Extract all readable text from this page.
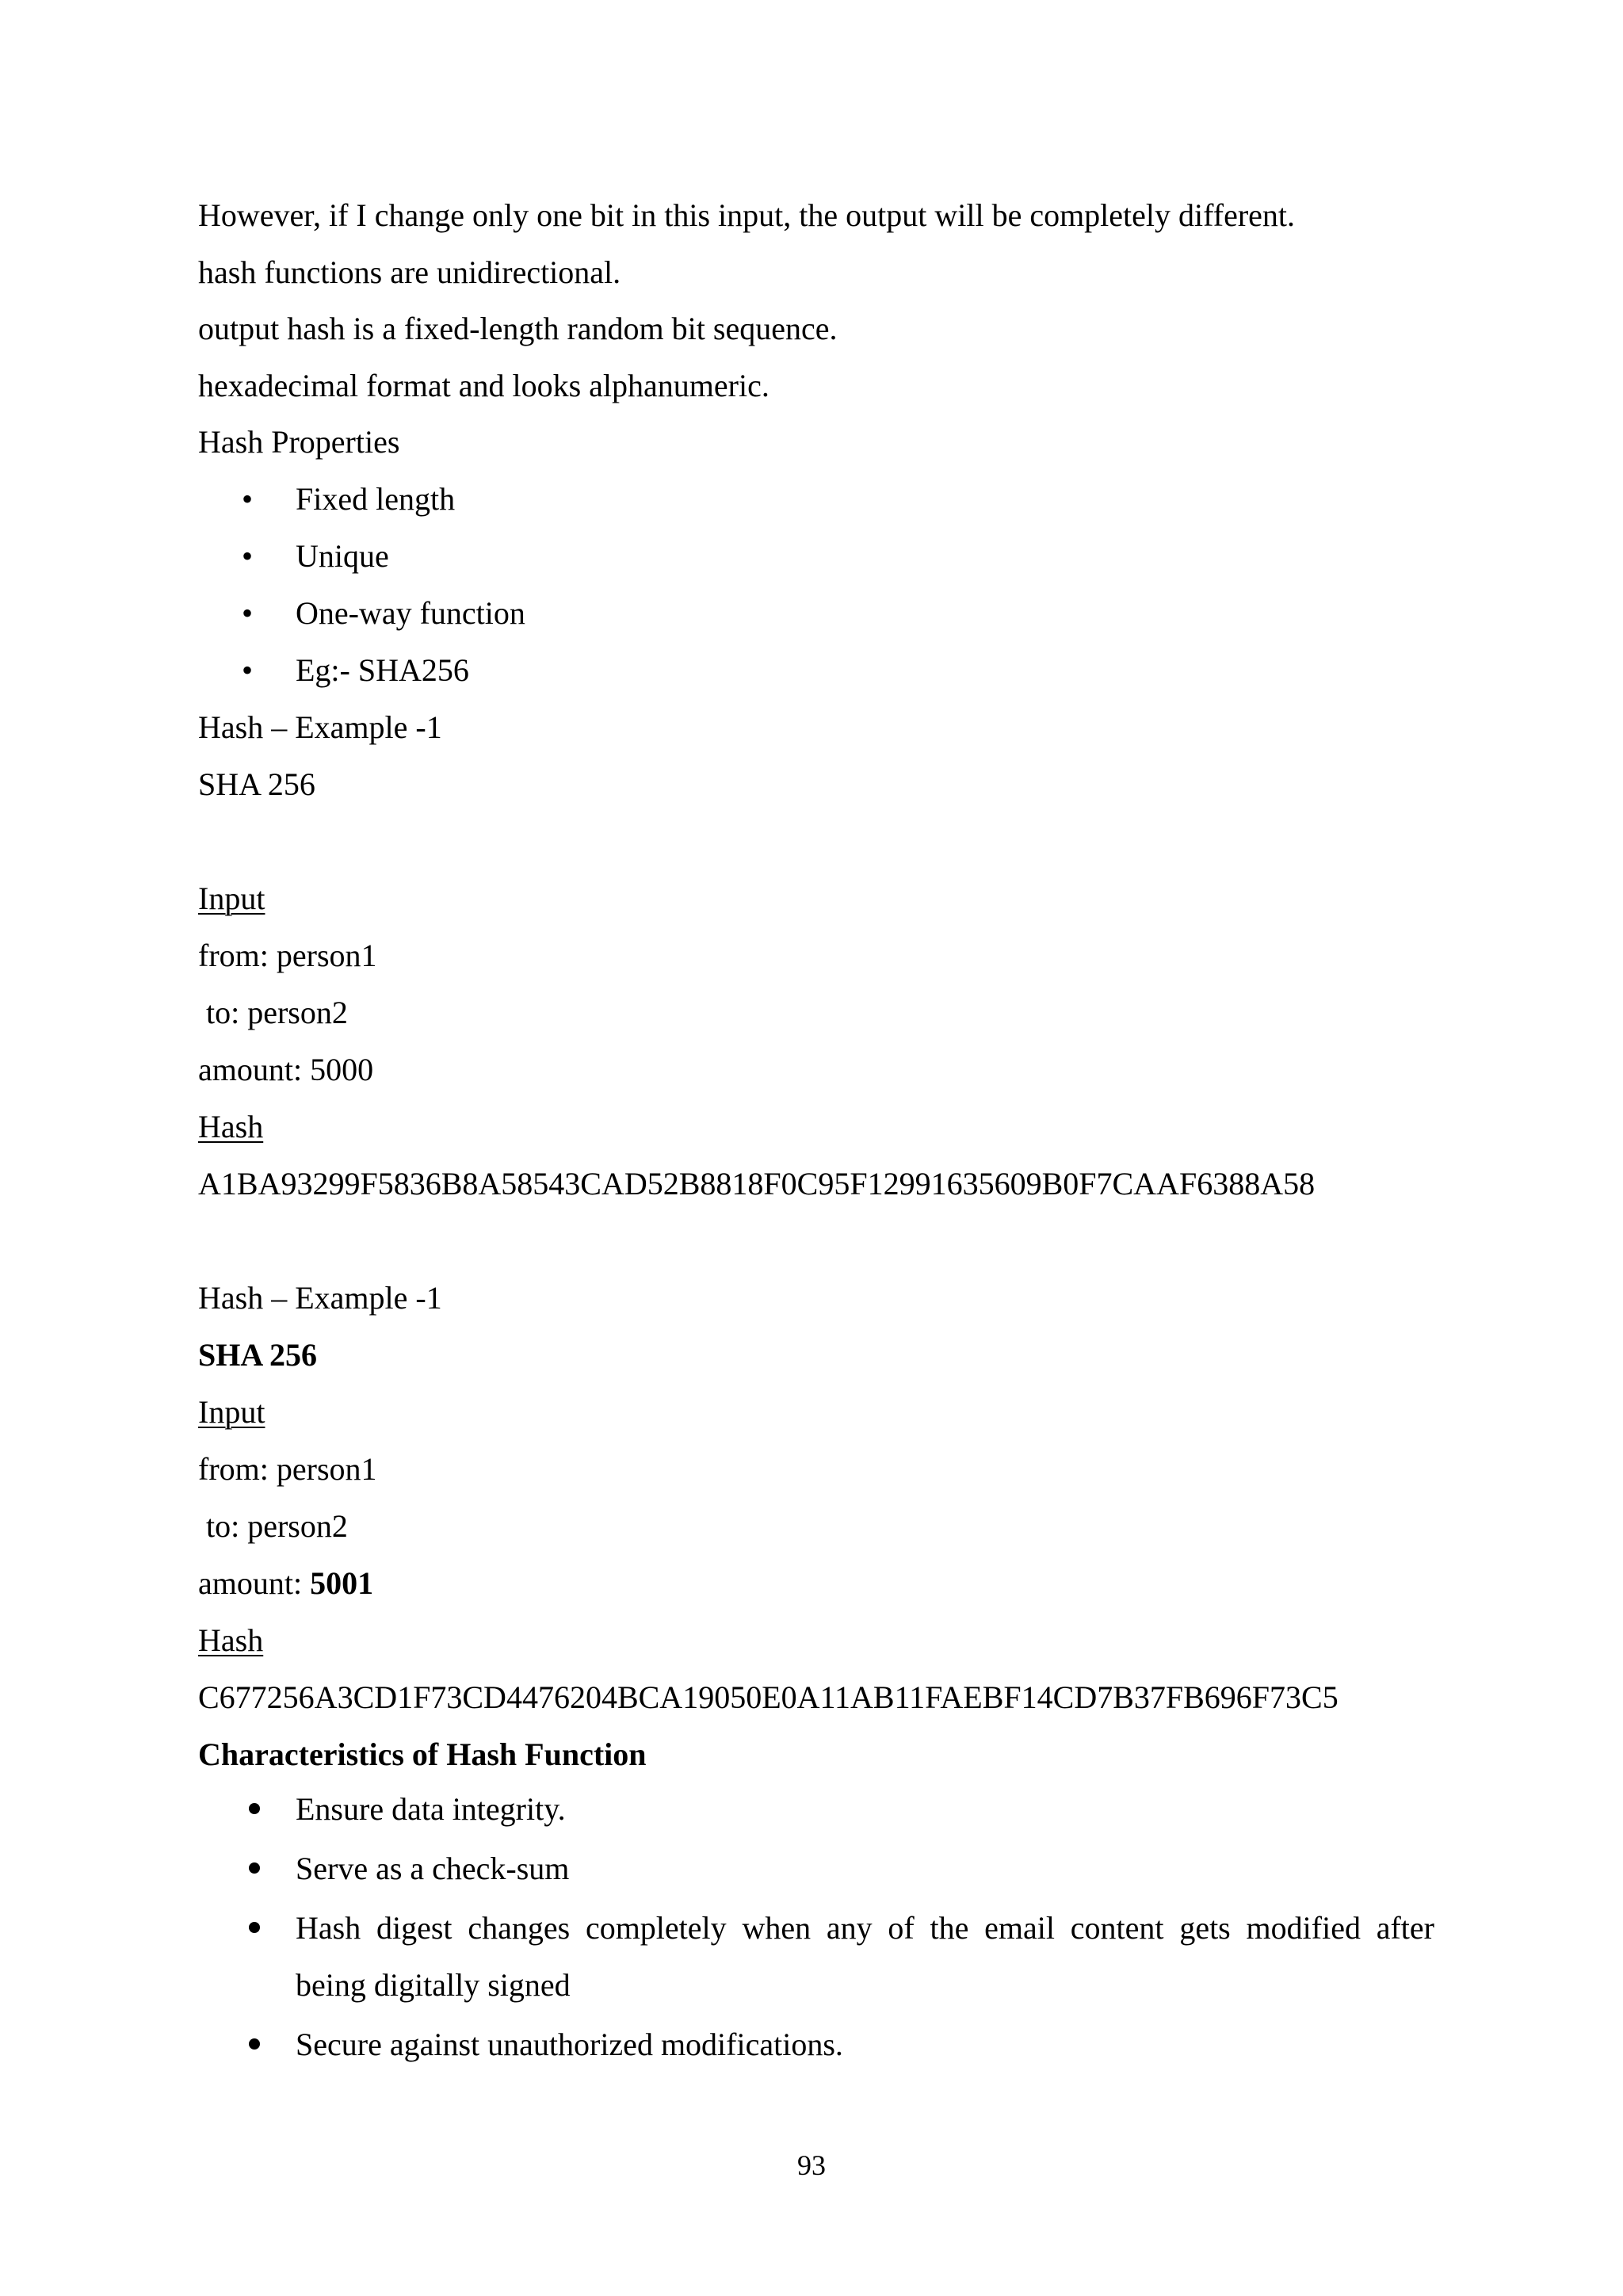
However, if I change only one bit in this input, the output will be completely different.
hash functions are unidirectional.
output hash is a fixed-length random bit sequence.
hexadecimal format and looks alphanumeric.
Hash Properties
• Fixed length
• Unique
• One-way function
• Eg:- SHA256
Hash – Example -1
SHA 256
Input
from: person1
to: person2
amount: 5000
Hash
A1BA93299F5836B8A58543CAD52B8818F0C95F12991635609B0F7CAAF6388A58
Hash – Example -1
SHA 256
Input
from: person1
to: person2
amount: 5001
Hash
C677256A3CD1F73CD4476204BCA19050E0A11AB11FAEBF14CD7B37FB696F73C5
Characteristics of Hash Function
Ensure data integrity.
Serve as a check-sum
Hash digest changes completely when any of the email content gets modified after
being digitally signed
Secure against unauthorized modifications.
93
